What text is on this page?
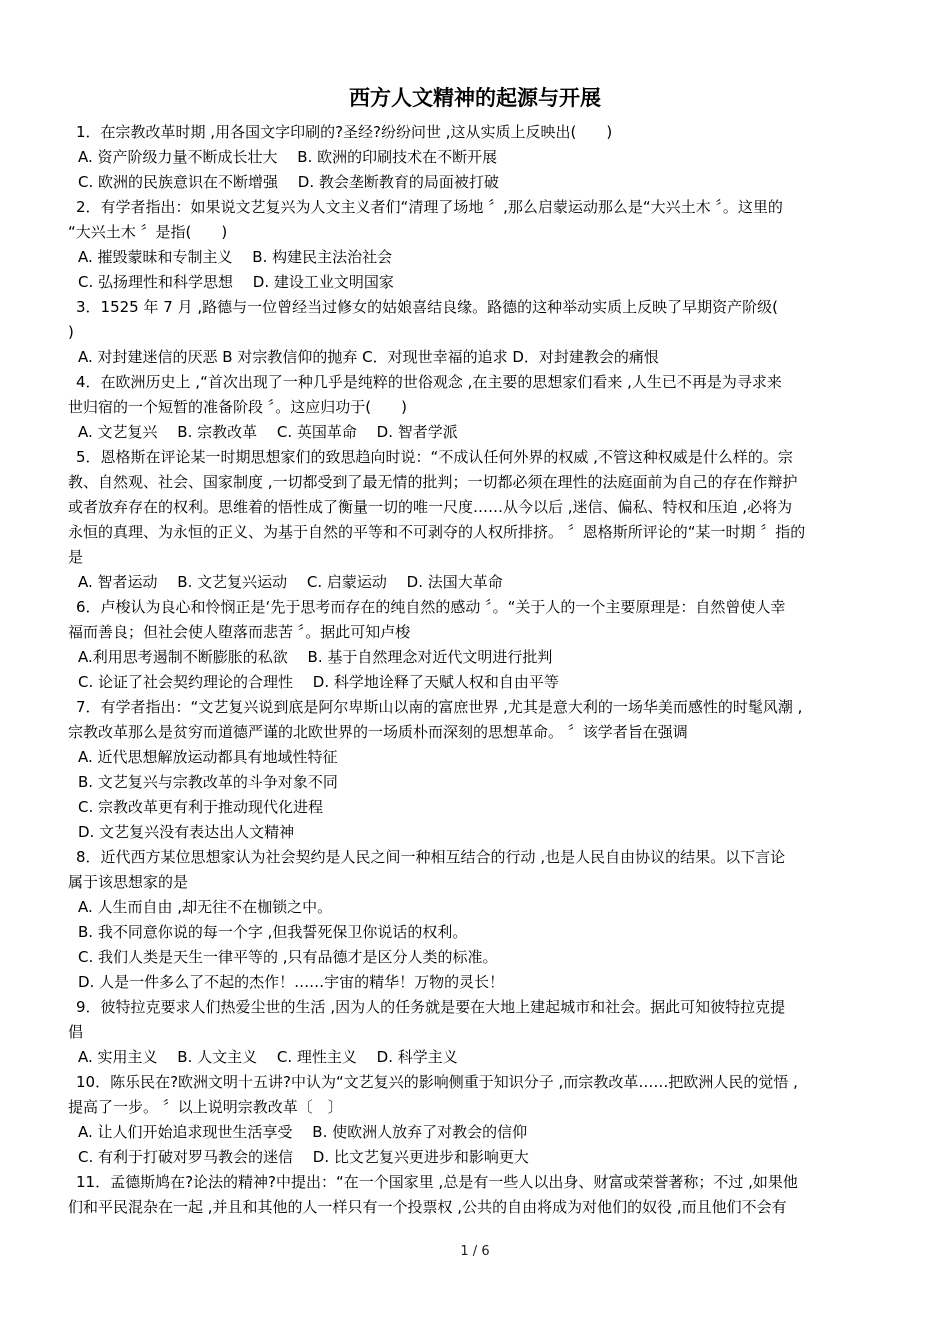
西方人文精神的起源与开展
1．在宗教改革时期 ,用各国文字印刷的?圣经?纷纷问世 ,这从实质上反映出(　　)
A. 资产阶级力量不断成长壮大　 B. 欧洲的印刷技术在不断开展
C. 欧洲的民族意识在不断增强　 D. 教会垄断教育的局面被打破
2．有学者指出：如果说文艺复兴为人文主义者们“清理了场地 〞,那么启蒙运动那么是“大兴土木 〞。这里的
“大兴土木 〞是指(　　)
A. 摧毁蒙昧和专制主义　 B. 构建民主法治社会
C. 弘扬理性和科学思想　 D. 建设工业文明国家
3．1525 年 7 月 ,路德与一位曾经当过修女的姑娘喜结良缘。路德的这种举动实质上反映了早期资产阶级(
)
A. 对封建迷信的厌恶 B 对宗教信仰的抛弃 C．对现世幸福的追求 D．对封建教会的痛恨
4．在欧洲历史上 ,“首次出现了一种几乎是纯粹的世俗观念 ,在主要的思想家们看来 ,人生已不再是为寻求来
世归宿的一个短暂的准备阶段 〞。这应归功于(　　)
A. 文艺复兴　 B. 宗教改革　 C. 英国革命　 D. 智者学派
5．恩格斯在评论某一时期思想家们的致思趋向时说：“不成认任何外界的权威 ,不管这种权威是什么样的。宗
教、自然观、社会、国家制度 ,一切都受到了最无情的批判；一切都必须在理性的法庭面前为自己的存在作辩护
或者放弃存在的权利。思维着的悟性成了衡量一切的唯一尺度……从今以后 ,迷信、偏私、特权和压迫 ,必将为
永恒的真理、为永恒的正义、为基于自然的平等和不可剥夺的人权所排挤。 〞恩格斯所评论的“某一时期 〞指的
是
A. 智者运动　 B. 文艺复兴运动　 C. 启蒙运动　 D. 法国大革命
6．卢梭认为良心和怜悯正是‘先于思考而存在的纯自然的感动 〞。“关于人的一个主要原理是：自然曾使人幸
福而善良；但社会使人堕落而悲苦 〞。据此可知卢梭
A.利用思考遏制不断膨胀的私欲　 B. 基于自然理念对近代文明进行批判
C. 论证了社会契约理论的合理性　 D. 科学地诠释了天赋人权和自由平等
7．有学者指出：“文艺复兴说到底是阿尔卑斯山以南的富庶世界 ,尤其是意大利的一场华美而感性的时髦风潮 ,
宗教改革那么是贫穷而道德严谨的北欧世界的一场质朴而深刻的思想革命。 〞该学者旨在强调
A. 近代思想解放运动都具有地域性特征
B. 文艺复兴与宗教改革的斗争对象不同
C. 宗教改革更有利于推动现代化进程
D. 文艺复兴没有表达出人文精神
8．近代西方某位思想家认为社会契约是人民之间一种相互结合的行动 ,也是人民自由协议的结果。以下言论
属于该思想家的是
A. 人生而自由 ,却无往不在枷锁之中。
B. 我不同意你说的每一个字 ,但我誓死保卫你说话的权利。
C. 我们人类是天生一律平等的 ,只有品德才是区分人类的标准。
D. 人是一件多么了不起的杰作！……宇宙的精华！万物的灵长！
9．彼特拉克要求人们热爱尘世的生活 ,因为人的任务就是要在大地上建起城市和社会。据此可知彼特拉克提
倡
A. 实用主义　 B. 人文主义　 C. 理性主义　 D. 科学主义
10．陈乐民在?欧洲文明十五讲?中认为“文艺复兴的影响侧重于知识分子 ,而宗教改革……把欧洲人民的觉悟 ,
提高了一步。 〞以上说明宗教改革〔　〕
A. 让人们开始追求现世生活享受　 B. 使欧洲人放弃了对教会的信仰
C. 有利于打破对罗马教会的迷信　 D. 比文艺复兴更进步和影响更大
11．孟德斯鸠在?论法的精神?中提出：“在一个国家里 ,总是有一些人以出身、财富或荣誉著称；不过 ,如果他
们和平民混杂在一起 ,并且和其他的人一样只有一个投票权 ,公共的自由将成为对他们的奴役 ,而且他们不会有
1 / 6
